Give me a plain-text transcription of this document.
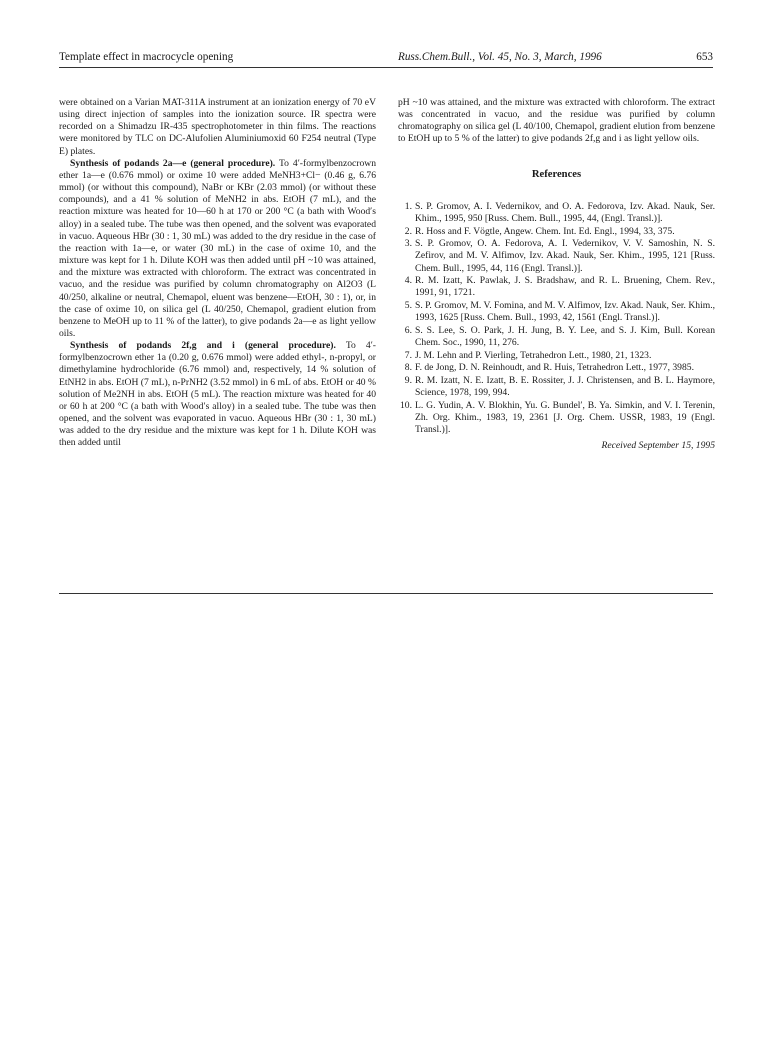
Template effect in macrocycle opening	Russ.Chem.Bull., Vol. 45, No. 3, March, 1996	653

were obtained on a Varian MAT-311A instrument at an ionization energy of 70 eV using direct injection of samples into the ionization source. IR spectra were recorded on a Shimadzu IR-435 spectrophotometer in thin films. The reactions were monitored by TLC on DC-Alufolien Aluminiumoxid 60 F254 neutral (Type E) plates.

Synthesis of podands 2a—e (general procedure). To 4′-formylbenzocrown ether 1a—e (0.676 mmol) or oxime 10 were added MeNH3+Cl− (0.46 g, 6.76 mmol) (or without this compound), NaBr or KBr (2.03 mmol) (or without these compounds), and a 41 % solution of MeNH2 in abs. EtOH (7 mL), and the reaction mixture was heated for 10—60 h at 170 or 200 °C (a bath with Wood′s alloy) in a sealed tube. The tube was then opened, and the solvent was evaporated in vacuo. Aqueous HBr (30 : 1, 30 mL) was added to the dry residue in the case of the reaction with 1a—e, or water (30 mL) in the case of oxime 10, and the mixture was kept for 1 h. Dilute KOH was then added until pH ~10 was attained, and the mixture was extracted with chloroform. The extract was concentrated in vacuo, and the residue was purified by column chromatography on Al2O3 (L 40/250, alkaline or neutral, Chemapol, eluent was benzene—EtOH, 30 : 1), or, in the case of oxime 10, on silica gel (L 40/250, Chemapol, gradient elution from benzene to MeOH up to 11 % of the latter), to give podands 2a—e as light yellow oils.

Synthesis of podands 2f,g and i (general procedure). To 4′-formylbenzocrown ether 1a (0.20 g, 0.676 mmol) were added ethyl-, n-propyl, or dimethylamine hydrochloride (6.76 mmol) and, respectively, 14 % solution of EtNH2 in abs. EtOH (7 mL), n-PrNH2 (3.52 mmol) in 6 mL of abs. EtOH or 40 % solution of Me2NH in abs. EtOH (5 mL). The reaction mixture was heated for 40 or 60 h at 200 °C (a bath with Wood′s alloy) in a sealed tube. The tube was then opened, and the solvent was evaporated in vacuo. Aqueous HBr (30 : 1, 30 mL) was added to the dry residue and the mixture was kept for 1 h. Dilute KOH was then added until

pH ~10 was attained, and the mixture was extracted with chloroform. The extract was concentrated in vacuo, and the residue was purified by column chromatography on silica gel (L 40/100, Chemapol, gradient elution from benzene to EtOH up to 5 % of the latter) to give podands 2f,g and i as light yellow oils.

References
1. S. P. Gromov, A. I. Vedernikov, and O. A. Fedorova, Izv. Akad. Nauk, Ser. Khim., 1995, 950 [Russ. Chem. Bull., 1995, 44, (Engl. Transl.)].
2. R. Hoss and F. Vögtle, Angew. Chem. Int. Ed. Engl., 1994, 33, 375.
3. S. P. Gromov, O. A. Fedorova, A. I. Vedernikov, V. V. Samoshin, N. S. Zefirov, and M. V. Alfimov, Izv. Akad. Nauk, Ser. Khim., 1995, 121 [Russ. Chem. Bull., 1995, 44, 116 (Engl. Transl.)].
4. R. M. Izatt, K. Pawlak, J. S. Bradshaw, and R. L. Bruening, Chem. Rev., 1991, 91, 1721.
5. S. P. Gromov, M. V. Fomina, and M. V. Alfimov, Izv. Akad. Nauk, Ser. Khim., 1993, 1625 [Russ. Chem. Bull., 1993, 42, 1561 (Engl. Transl.)].
6. S. S. Lee, S. O. Park, J. H. Jung, B. Y. Lee, and S. J. Kim, Bull. Korean Chem. Soc., 1990, 11, 276.
7. J. M. Lehn and P. Vierling, Tetrahedron Lett., 1980, 21, 1323.
8. F. de Jong, D. N. Reinhoudt, and R. Huis, Tetrahedron Lett., 1977, 3985.
9. R. M. Izatt, N. E. Izatt, B. E. Rossiter, J. J. Christensen, and B. L. Haymore, Science, 1978, 199, 994.
10. L. G. Yudin, A. V. Blokhin, Yu. G. Bundel′, B. Ya. Simkin, and V. I. Terenin, Zh. Org. Khim., 1983, 19, 2361 [J. Org. Chem. USSR, 1983, 19 (Engl. Transl.)].
Received September 15, 1995
